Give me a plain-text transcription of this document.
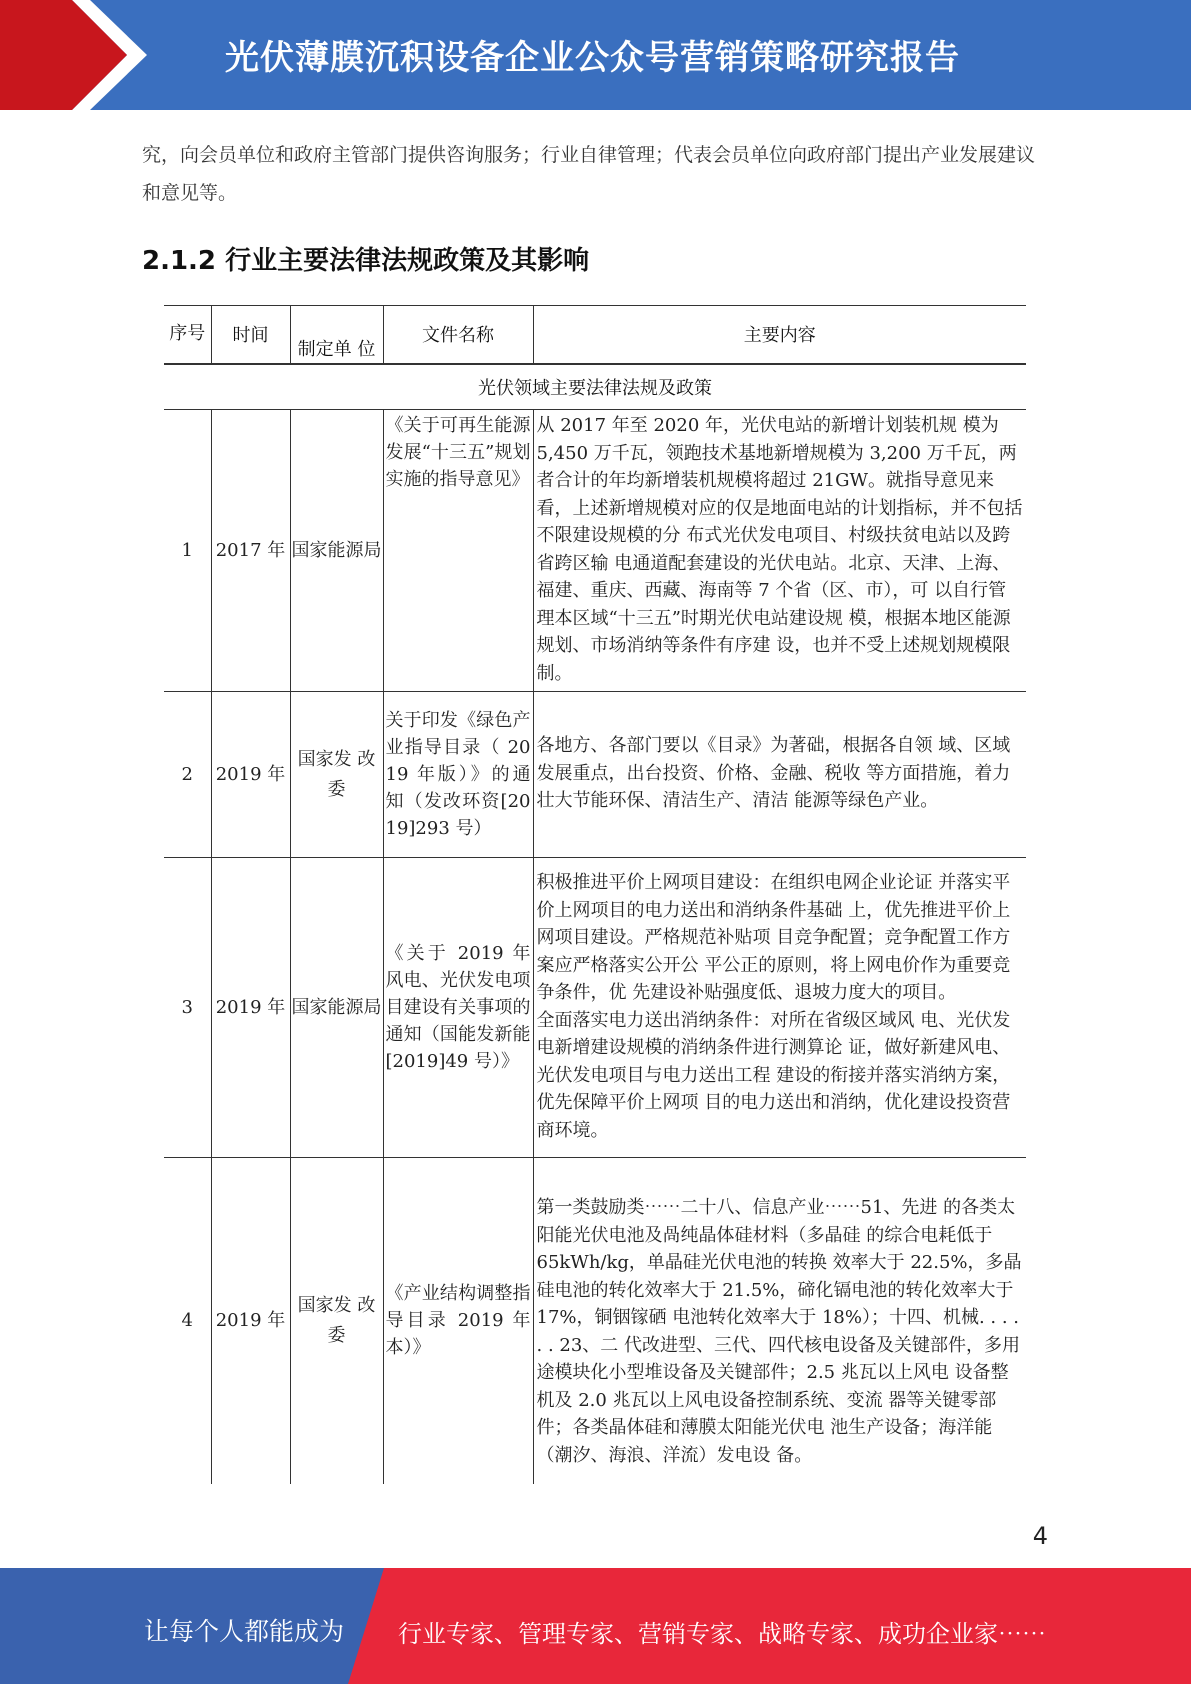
光伏薄膜沉积设备企业公众号营销策略研究报告
究，向会员单位和政府主管部门提供咨询服务；行业自律管理；代表会员单位向政府部门提出产业发展建议和意见等。
2.1.2 行业主要法律法规政策及其影响
序号	时间	制定单 位	文件名称	主要内容
光伏领域主要法律法规及政策				
1	2017 年	国家能源局	《关于可再生能源发展“十三五”规划实施的指导意见》	从 2017 年至 2020 年，光伏电站的新增计划装机规 模为 5,450 万千瓦，领跑技术基地新增规模为 3,200 万千瓦，两者合计的年均新增装机规模将超过 21GW。就指导意见来看，上述新增规模对应的仅是地面电站的计划指标，并不包括不限建设规模的分 布式光伏发电项目、村级扶贫电站以及跨省跨区输 电通道配套建设的光伏电站。北京、天津、上海、 福建、重庆、西藏、海南等 7 个省（区、市），可 以自行管理本区域“十三五”时期光伏电站建设规 模，根据本地区能源规划、市场消纳等条件有序建 设，也并不受上述规划规模限制。
2	2019 年	国家发 改委	关于印发《绿色产业指导目录（ 2019 年版）》的通知（发改环资[2019]293 号）	各地方、各部门要以《目录》为著础，根据各自领 域、区域发展重点，出台投资、价格、金融、税收 等方面措施，着力壮大节能环保、清洁生产、清洁 能源等绿色产业。
3	2019 年	国家能源局	《关于 2019 年风电、光伏发电项目建设有关事项的通知（国能发新能[2019]49 号）》	积极推进平价上网项目建设：在组织电网企业论证 并落实平价上网项目的电力送出和消纳条件基础 上，优先推进平价上网项目建设。严格规范补贴项 目竞争配置；竞争配置工作方案应严格落实公开公 平公正的原则，将上网电价作为重要竞争条件，优 先建设补贴强度低、退坡力度大的项目。
全面落实电力送出消纳条件：对所在省级区域风 电、光伏发电新增建设规模的消纳条件进行测算论 证，做好新建风电、光伏发电项目与电力送出工程 建设的衔接并落实消纳方案，优先保障平价上网项 目的电力送出和消纳，优化建设投资营商环境。

4	2019 年	国家发 改委	《产业结构调整指导目录 2019 年本）》	第一类鼓励类⋯⋯二十八、信息产业⋯⋯51、先进 的各类太阳能光伏电池及咼纯晶体硅材料（多晶硅 的综合电耗低于 65kWh/kg，单晶硅光伏电池的转换 效率大于 22.5%，多晶硅电池的转化效率大于 21.5%，碲化镉电池的转化效率大于 17%，铜铟镓硒 电池转化效率大于 18%）；十四、机械. . . . . . 23、二 代改进型、三代、四代核电设备及关键部件，多用 途模块化小型堆设备及关键部件；2.5 兆瓦以上风电 设备整机及 2.0 兆瓦以上风电设备控制系统、变流 器等关键零部件；各类晶体硅和薄膜太阳能光伏电 池生产设备；海洋能（潮汐、海浪、洋流）发电设 备。
4
让每个人都能成为 行业专家、管理专家、营销专家、战略专家、成功企业家⋯⋯
